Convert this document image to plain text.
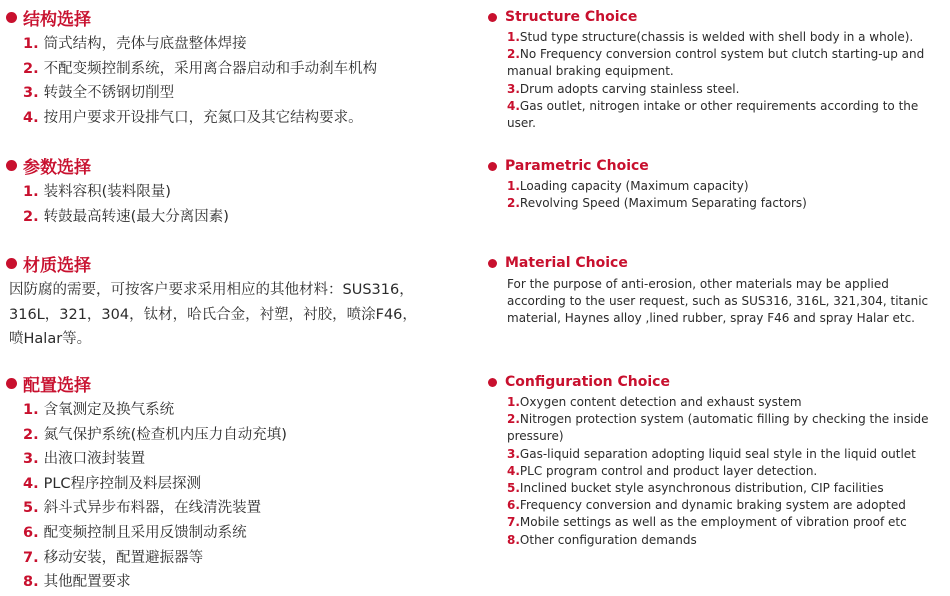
结构选择
1. 筒式结构，壳体与底盘整体焊接
2. 不配变频控制系统，采用离合器启动和手动刹车机构
3. 转鼓全不锈钢切削型
4. 按用户要求开设排气口，充氮口及其它结构要求。
参数选择
1. 装料容积(装料限量)
2. 转鼓最高转速(最大分离因素)
材质选择
因防腐的需要，可按客户要求采用相应的其他材料：SUS316，
316L，321，304，钛材，哈氏合金，衬塑，衬胶，喷涂F46，
喷Halar等。
配置选择
1. 含氧测定及换气系统
2. 氮气保护系统(检查机内压力自动充填)
3. 出液口液封装置
4. PLC程序控制及料层探测
5. 斜斗式异步布料器，在线清洗装置
6. 配变频控制且采用反馈制动系统
7. 移动安装，配置避振器等
8. 其他配置要求
Structure Choice
1.Stud type structure(chassis is welded with shell body in a whole).
2.No Frequency conversion control system but clutch starting-up and manual braking equipment.
3.Drum adopts carving stainless steel.
4.Gas outlet, nitrogen intake or other requirements according to the user.
Parametric Choice
1.Loading capacity (Maximum capacity)
2.Revolving Speed (Maximum Separating factors)
Material Choice

For the purpose of anti-erosion, other materials may be applied according to the user request, such as SUS316, 316L, 321,304, titanic material, Haynes alloy ,lined rubber, spray F46 and spray Halar etc.

Configuration Choice
1.Oxygen content detection and exhaust system
2.Nitrogen protection system (automatic filling by checking the inside pressure)
3.Gas-liquid separation adopting liquid seal style in the liquid outlet
4.PLC program control and product layer detection.
5.Inclined bucket style asynchronous distribution, CIP facilities
6.Frequency conversion and dynamic braking system are adopted
7.Mobile settings as well as the employment of vibration proof etc
8.Other configuration demands
